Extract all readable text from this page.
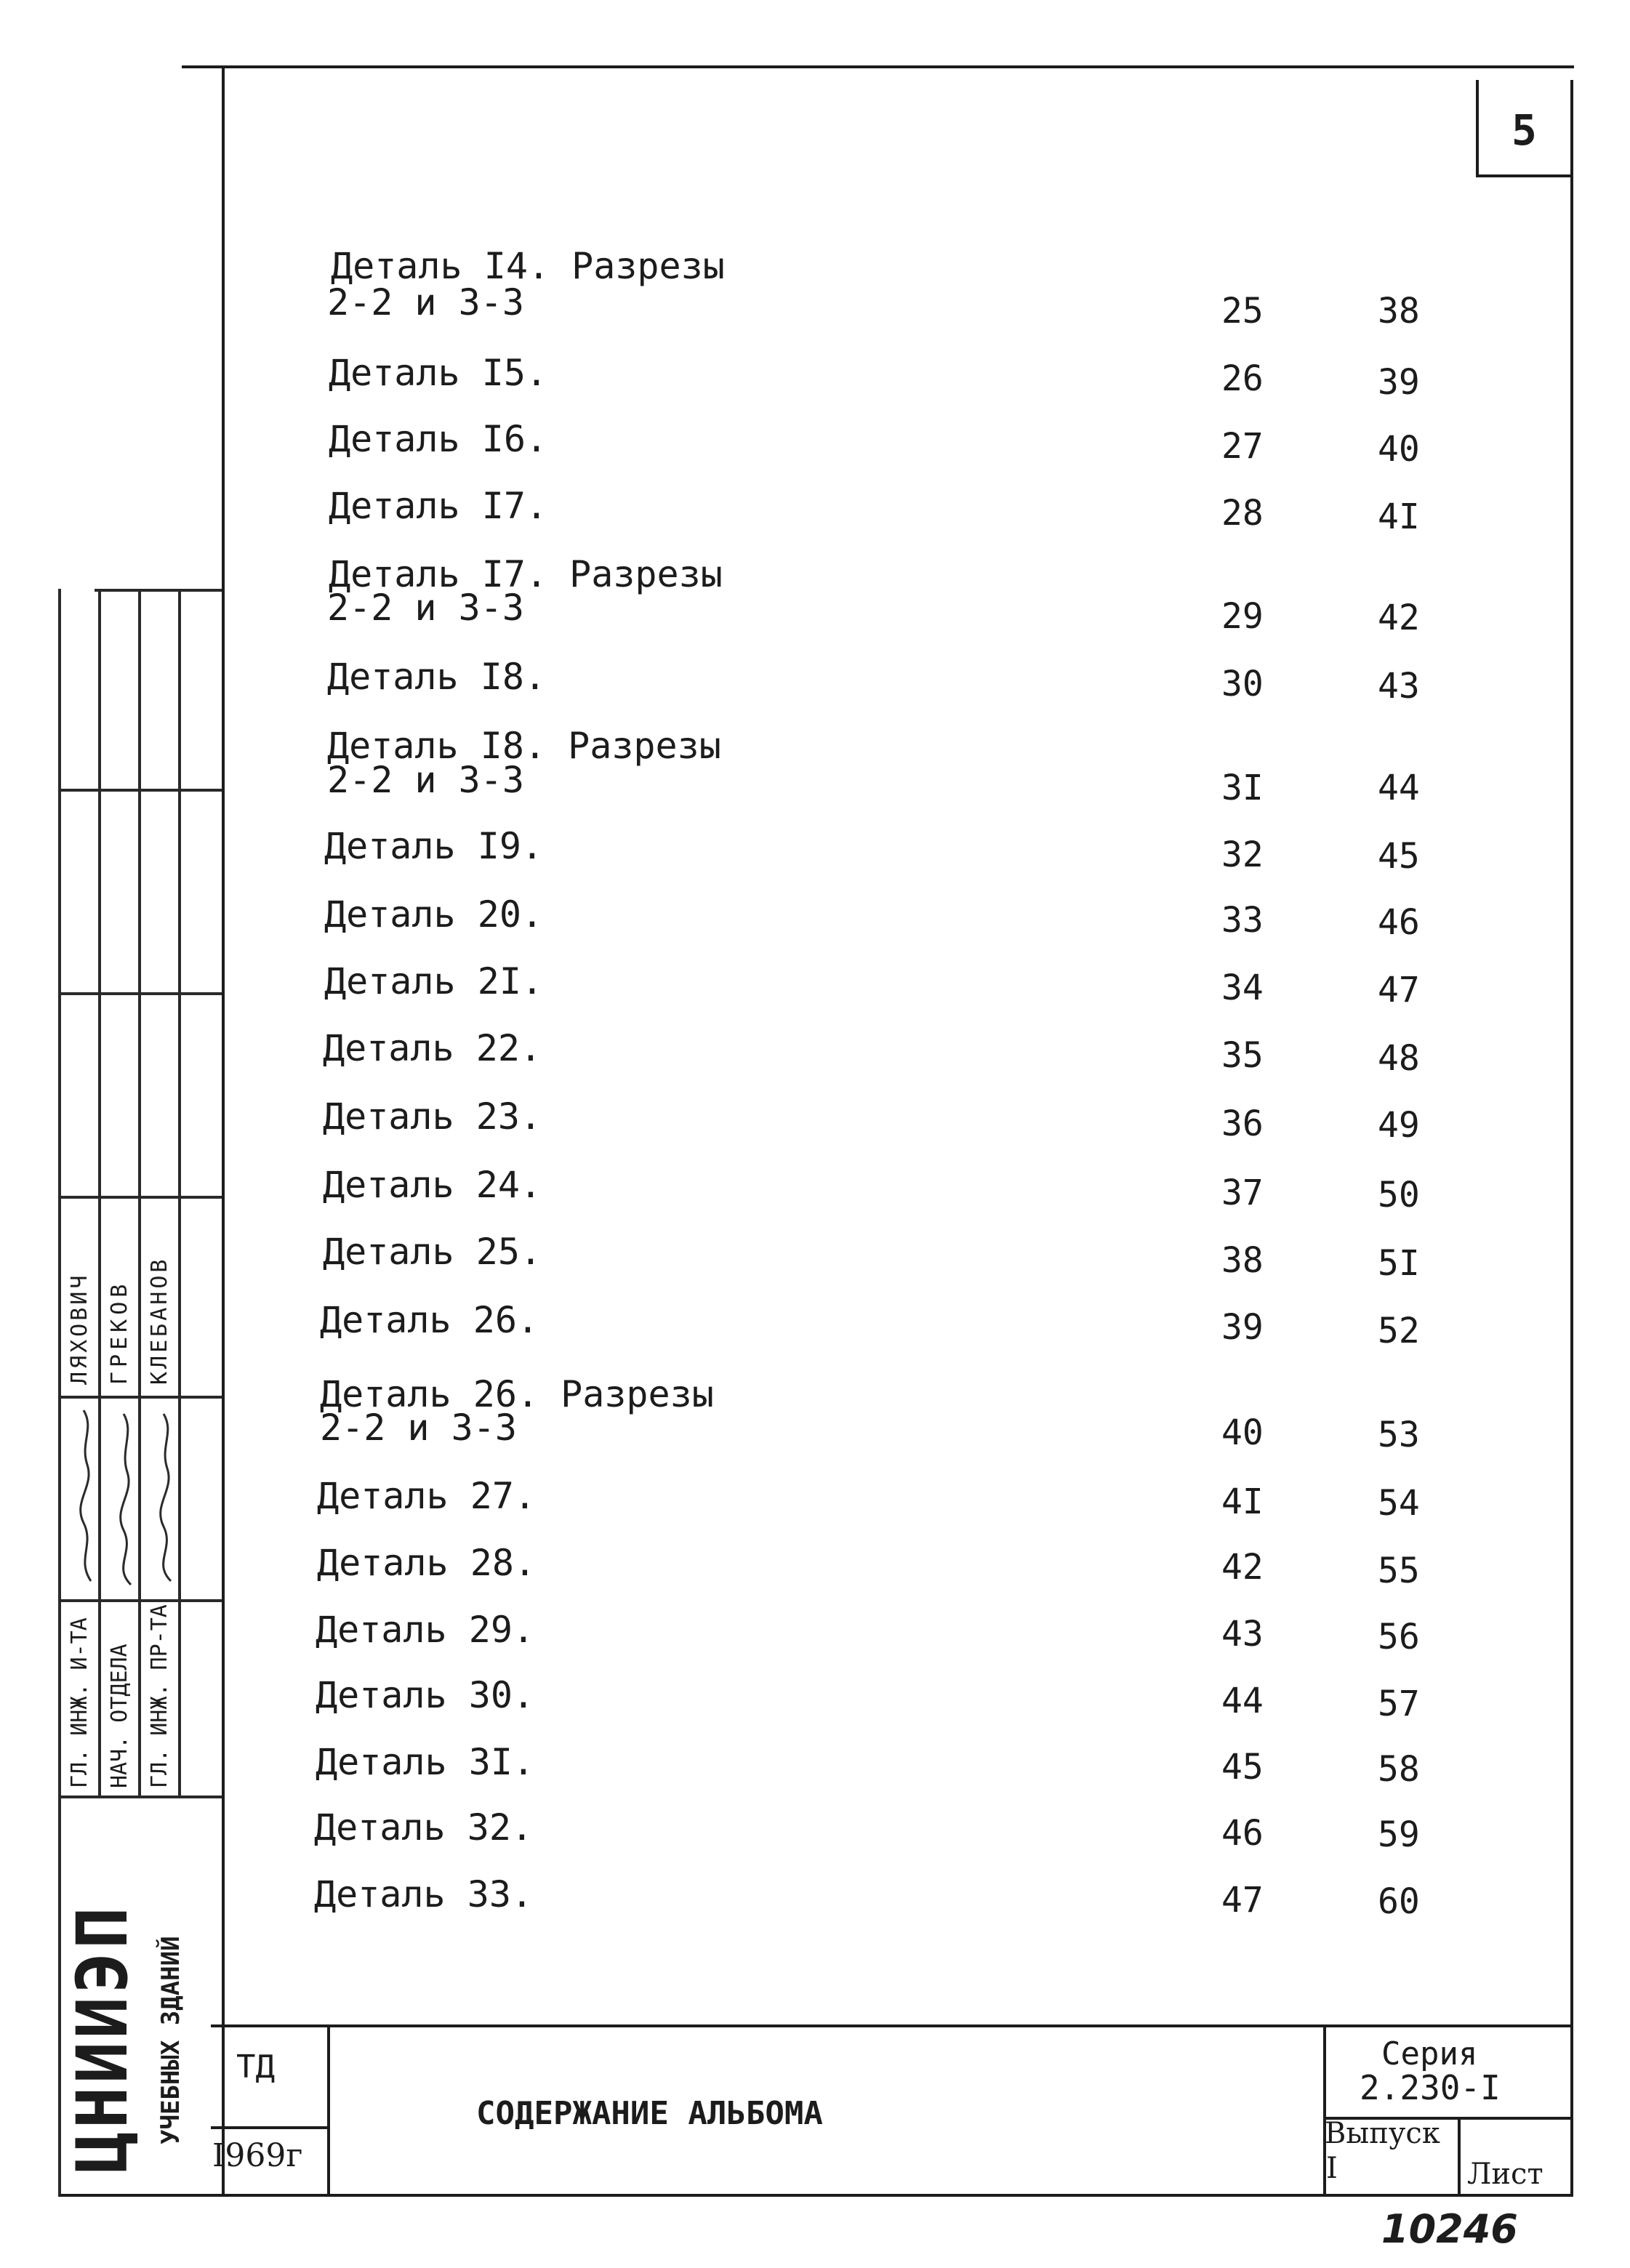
5
Деталь I4. Разрезы
2-2 и 3-3	25	38
Деталь I5.	26	39
Деталь I6.	27	40
Деталь I7.	28	4I
Деталь I7. Разрезы
2-2 и 3-3	29	42
Деталь I8.	30	43
Деталь I8. Разрезы
2-2 и 3-3	3I	44
Деталь I9.	32	45
Деталь 20.	33	46
Деталь 2I.	34	47
Деталь 22.	35	48
Деталь 23.	36	49
Деталь 24.	37	50
Деталь 25.	38	5I
Деталь 26.	39	52
Деталь 26. Разрезы
2-2 и 3-3	40	53
Деталь 27.	4I	54
Деталь 28.	42	55
Деталь 29.	43	56
Деталь 30.	44	57
Деталь 3I.	45	58
Деталь 32.	46	59
Деталь 33.	47	60
ТД
I969г
СОДЕРЖАНИЕ АЛЬБОМА
Серия
2.230-I
Выпуск
I	Лист
ЦНИИЭП УЧЕБНЫХ ЗДАНИЙ
ГЛ. ИНЖ. И-ТА НАЧ. ОТДЕЛА ГЛ. ИНЖ. ПР-ТА
ЛЯХОВИЧ ГРЕКОВ КЛЕБАНОВ
10246
